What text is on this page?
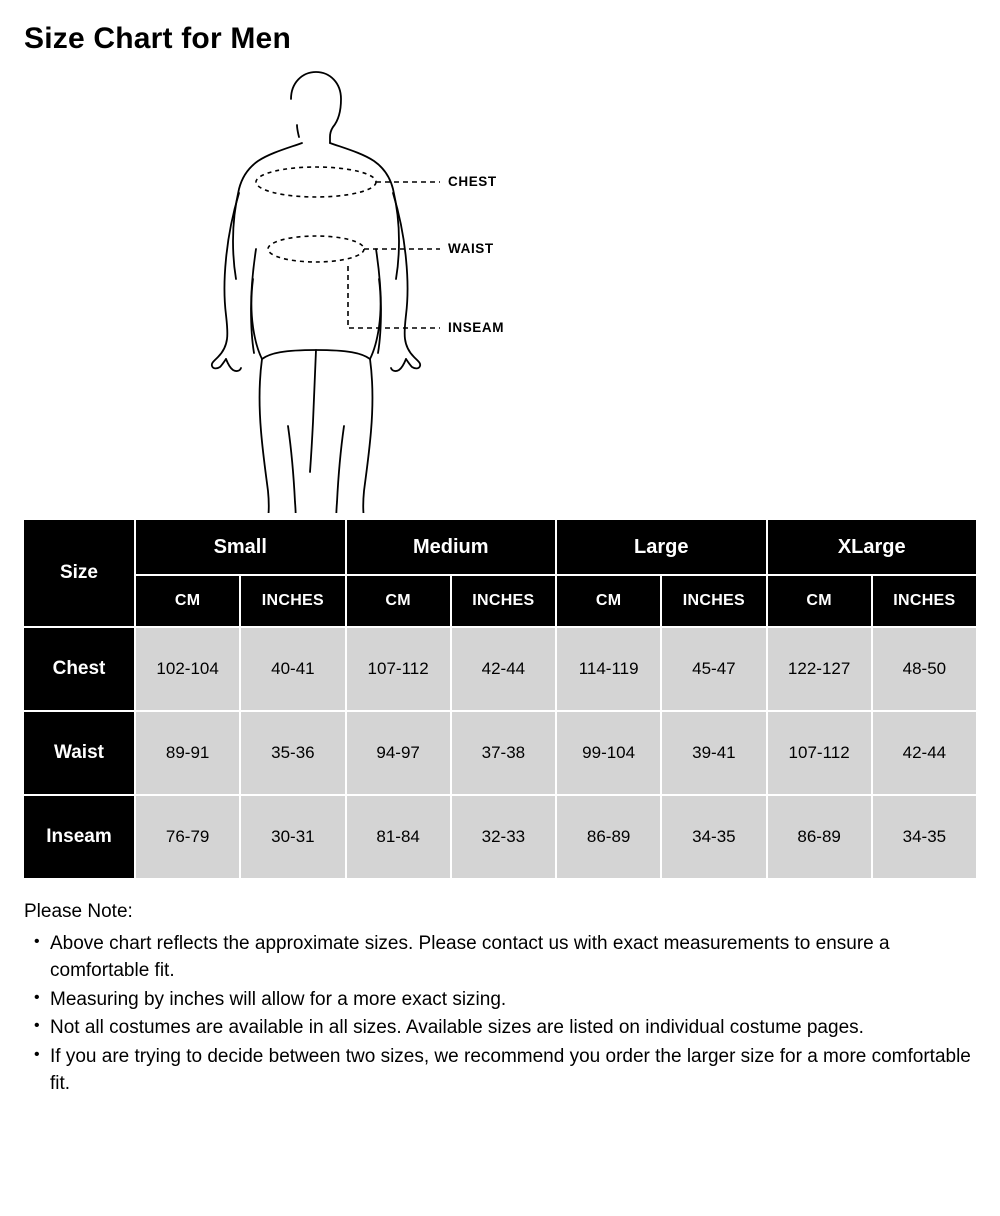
Size Chart for Men
CHEST
WAIST
INSEAM
Size	Small		Medium		Large		XLarge	
	CM	INCHES	CM	INCHES	CM	INCHES	CM	INCHES
Chest	102-104	40-41	107-112	42-44	114-119	45-47	122-127	48-50
Waist	89-91	35-36	94-97	37-38	99-104	39-41	107-112	42-44
Inseam	76-79	30-31	81-84	32-33	86-89	34-35	86-89	34-35
Please Note:
• Above chart reflects the approximate sizes. Please contact us with exact measurements to ensure a comfortable fit.
• Measuring by inches will allow for a more exact sizing.
• Not all costumes are available in all sizes. Available sizes are listed on individual costume pages.
• If you are trying to decide between two sizes, we recommend you order the larger size for a more comfortable fit.
